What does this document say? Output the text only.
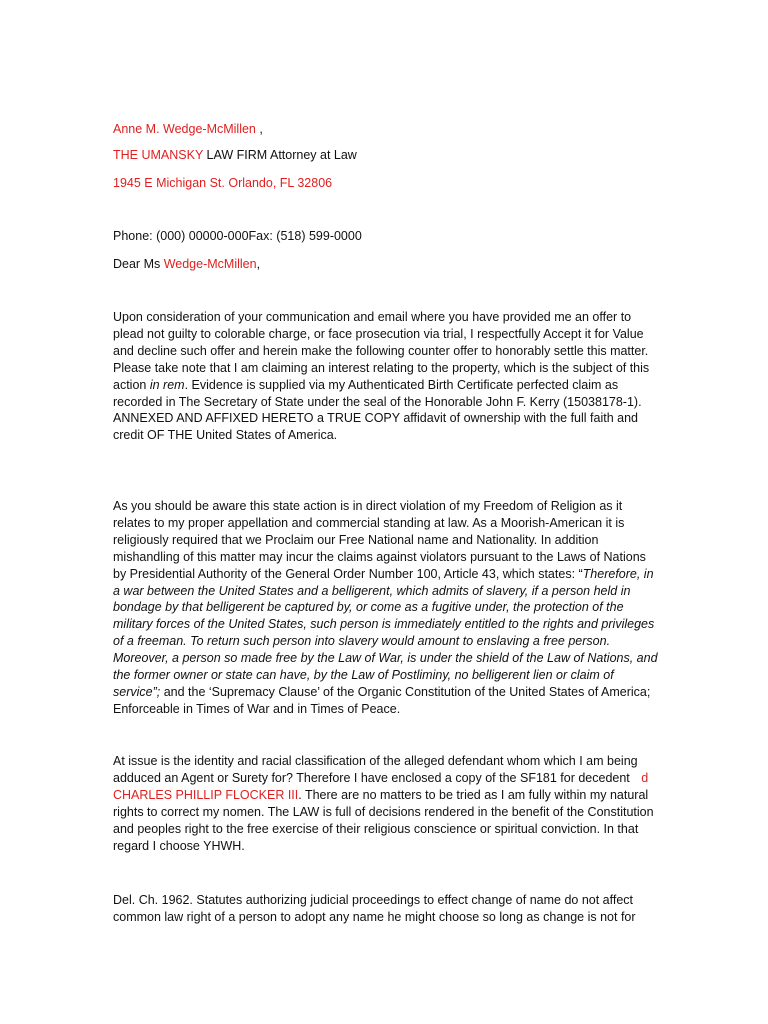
Anne M. Wedge-McMillen ,
THE UMANSKY LAW FIRM Attorney at Law
1945 E Michigan St. Orlando, FL 32806
Phone: (000) 00000-000Fax: (518) 599-0000
Dear Ms Wedge-McMillen,

Upon consideration of your communication and email where you have provided me an offer to plead not guilty to colorable charge, or face prosecution via trial, I respectfully Accept it for Value and decline such offer and herein make the following counter offer to honorably settle this matter. Please take note that I am claiming an interest relating to the property, which is the subject of this action in rem. Evidence is supplied via my Authenticated Birth Certificate perfected claim as recorded in The Secretary of State under the seal of the Honorable John F. Kerry (15038178-1). ANNEXED AND AFFIXED HERETO a TRUE COPY affidavit of ownership with the full faith and credit OF THE United States of America.

As you should be aware this state action is in direct violation of my Freedom of Religion as it relates to my proper appellation and commercial standing at law. As a Moorish-American it is religiously required that we Proclaim our Free National name and Nationality. In addition mishandling of this matter may incur the claims against violators pursuant to the Laws of Nations by Presidential Authority of the General Order Number 100, Article 43, which states: “Therefore, in a war between the United States and a belligerent, which admits of slavery, if a person held in bondage by that belligerent be captured by, or come as a fugitive under, the protection of the military forces of the United States, such person is immediately entitled to the rights and privileges of a freeman. To return such person into slavery would amount to enslaving a free person. Moreover, a person so made free by the Law of War, is under the shield of the Law of Nations, and the former owner or state can have, by the Law of Postliminy, no belligerent lien or claim of service”; and the ‘Supremacy Clause’ of the Organic Constitution of the United States of America; Enforceable in Times of War and in Times of Peace.

At issue is the identity and racial classification of the alleged defendant whom which I am being adduced an Agent or Surety for? Therefore I have enclosed a copy of the SF181 for decedent d CHARLES PHILLIP FLOCKER III. There are no matters to be tried as I am fully within my natural rights to correct my nomen. The LAW is full of decisions rendered in the benefit of the Constitution and peoples right to the free exercise of their religious conscience or spiritual conviction. In that regard I choose YHWH.

Del. Ch. 1962. Statutes authorizing judicial proceedings to effect change of name do not affect common law right of a person to adopt any name he might choose so long as change is not for
